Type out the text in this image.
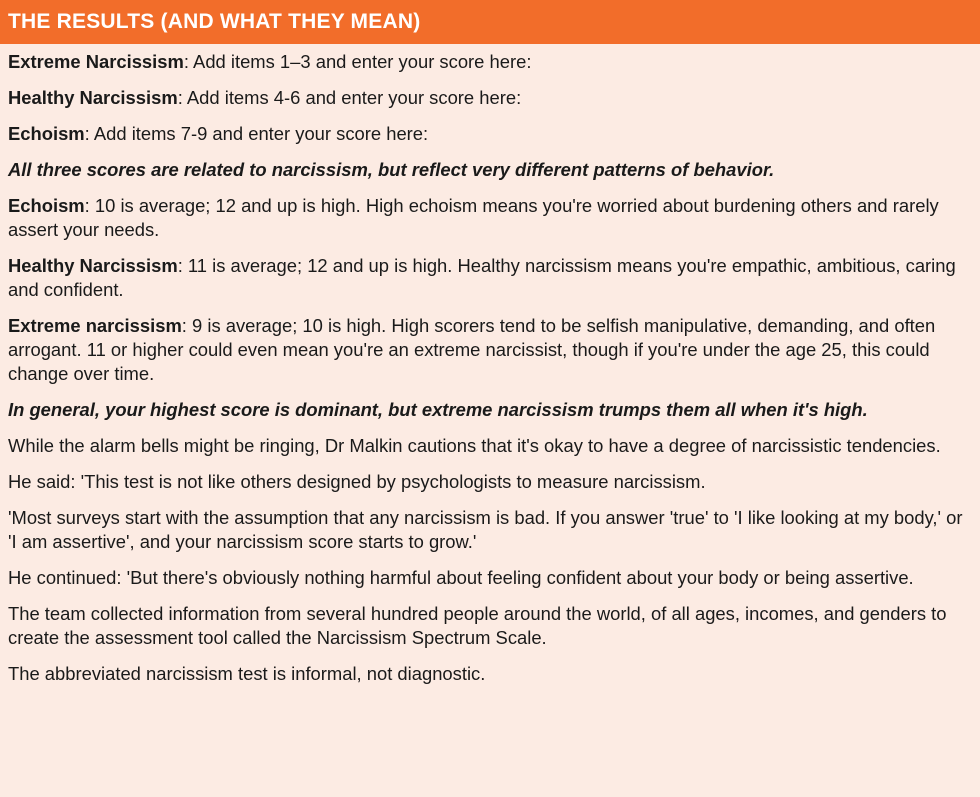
THE RESULTS (AND WHAT THEY MEAN)

Extreme Narcissism: Add items 1–3 and enter your score here:

Healthy Narcissism: Add items 4-6 and enter your score here:

Echoism: Add items 7-9 and enter your score here:

All three scores are related to narcissism, but reflect very different patterns of behavior.

Echoism: 10 is average; 12 and up is high. High echoism means you're worried about burdening others and rarely assert your needs.

Healthy Narcissism: 11 is average; 12 and up is high. Healthy narcissism means you're empathic, ambitious, caring and confident.

Extreme narcissism: 9 is average; 10 is high. High scorers tend to be selfish manipulative, demanding, and often arrogant. 11 or higher could even mean you're an extreme narcissist, though if you're under the age 25, this could change over time.

In general, your highest score is dominant, but extreme narcissism trumps them all when it's high.

While the alarm bells might be ringing, Dr Malkin cautions that it's okay to have a degree of narcissistic tendencies.

He said: 'This test is not like others designed by psychologists to measure narcissism.

'Most surveys start with the assumption that any narcissism is bad. If you answer 'true' to 'I like looking at my body,' or 'I am assertive', and your narcissism score starts to grow.'

He continued: 'But there's obviously nothing harmful about feeling confident about your body or being assertive.

The team collected information from several hundred people around the world, of all ages, incomes, and genders to create the assessment tool called the Narcissism Spectrum Scale.

The abbreviated narcissism test is informal, not diagnostic.
